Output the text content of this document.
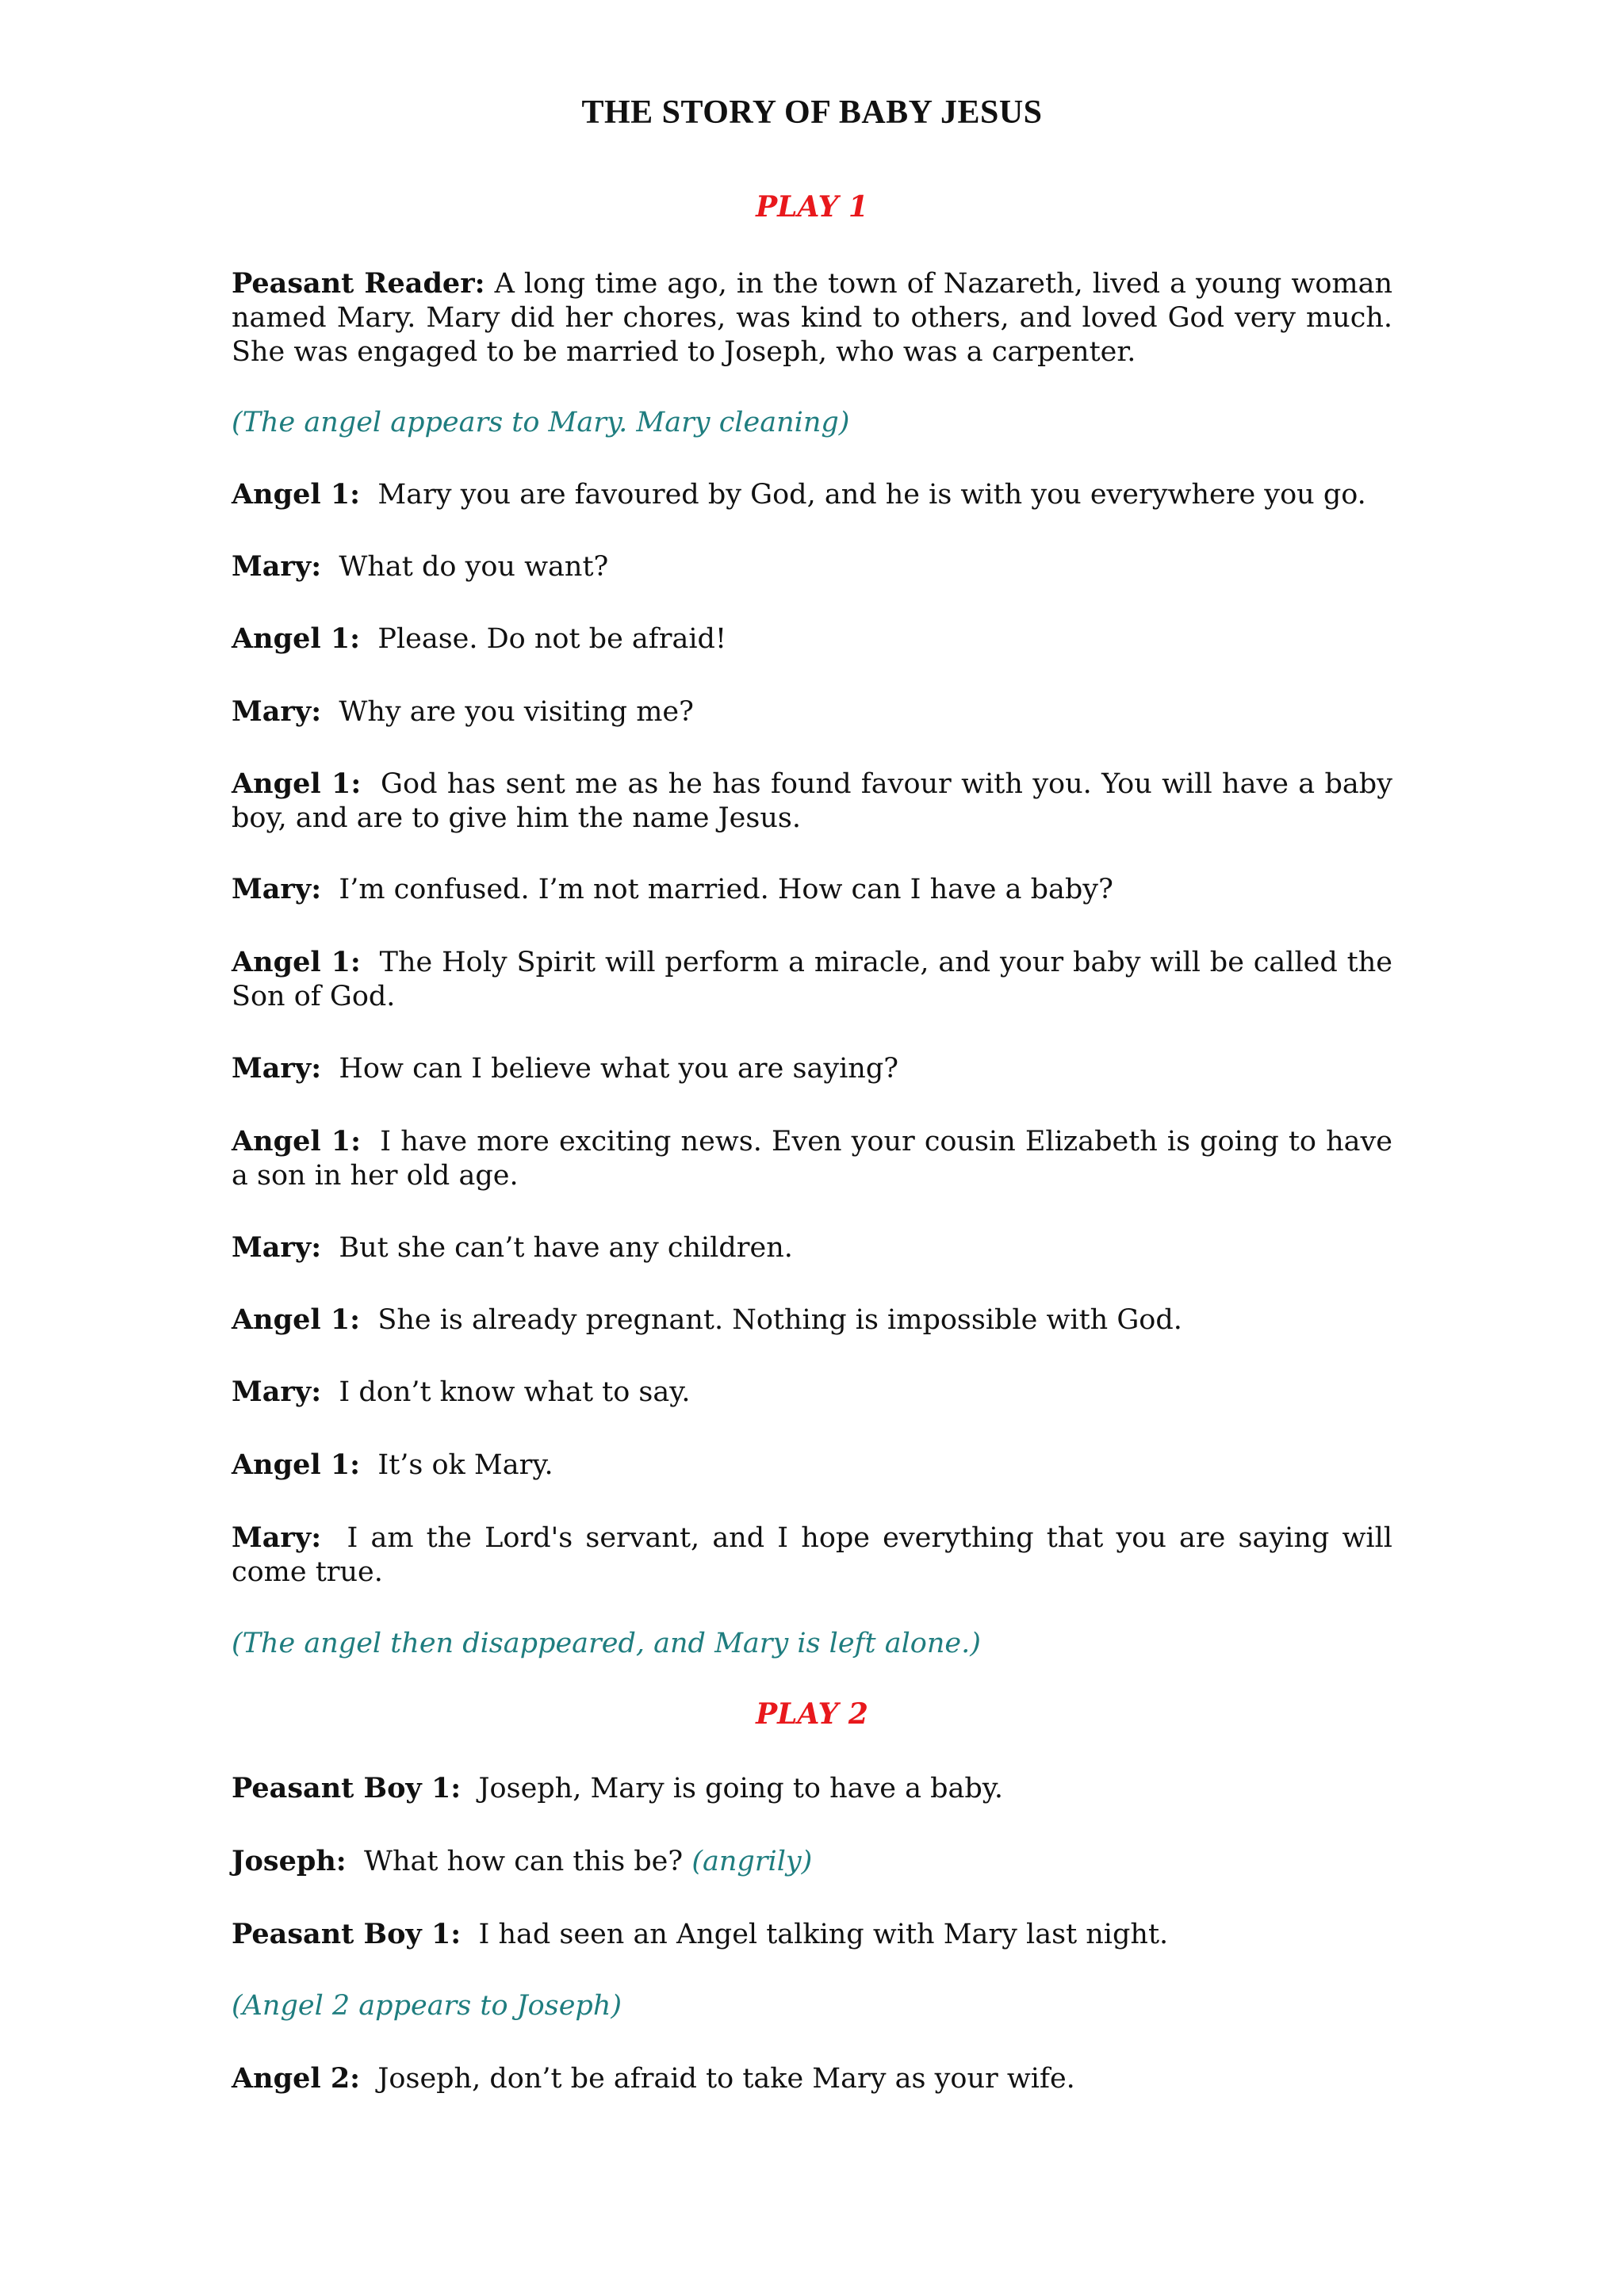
THE STORY OF BABY JESUS
PLAY 1

Peasant Reader: A long time ago, in the town of Nazareth, lived a young woman named Mary. Mary did her chores, was kind to others, and loved God very much. She was engaged to be married to Joseph, who was a carpenter.

(The angel appears to Mary. Mary cleaning)

Angel 1: Mary you are favoured by God, and he is with you everywhere you go.

Mary: What do you want?

Angel 1: Please. Do not be afraid!

Mary: Why are you visiting me?

Angel 1: God has sent me as he has found favour with you. You will have a baby boy, and are to give him the name Jesus.

Mary: I’m confused. I’m not married. How can I have a baby?

Angel 1: The Holy Spirit will perform a miracle, and your baby will be called the Son of God.

Mary: How can I believe what you are saying?

Angel 1: I have more exciting news. Even your cousin Elizabeth is going to have a son in her old age.

Mary: But she can’t have any children.

Angel 1: She is already pregnant. Nothing is impossible with God.

Mary: I don’t know what to say.

Angel 1: It’s ok Mary.

Mary: I am the Lord's servant, and I hope everything that you are saying will come true.

(The angel then disappeared, and Mary is left alone.)

PLAY 2

Peasant Boy 1: Joseph, Mary is going to have a baby.

Joseph: What how can this be? (angrily)

Peasant Boy 1: I had seen an Angel talking with Mary last night.

(Angel 2 appears to Joseph)

Angel 2: Joseph, don’t be afraid to take Mary as your wife.
